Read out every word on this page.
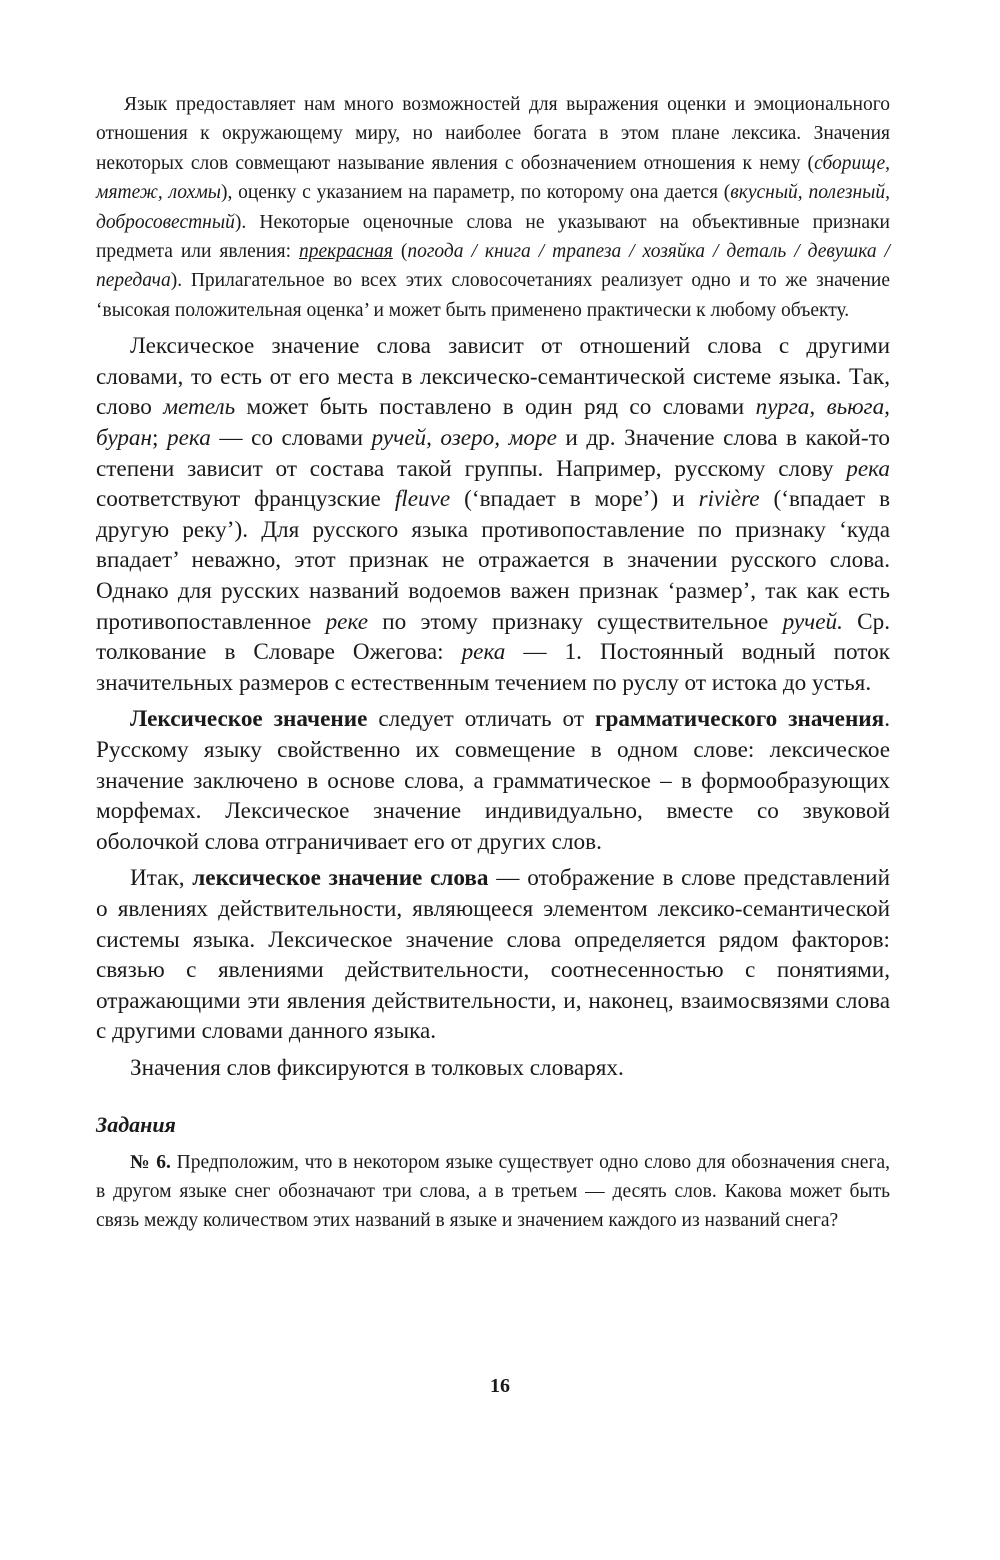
Язык предоставляет нам много возможностей для выражения оценки и эмоционального отношения к окружающему миру, но наиболее богата в этом плане лексика. Значения некоторых слов совмещают называние явления с обозначением отношения к нему (сборище, мятеж, лохмы), оценку с указанием на параметр, по которому она дается (вкусный, полезный, добросовестный). Некоторые оценочные слова не указывают на объективные признаки предмета или явления: прекрасная (погода / книга / трапеза / хозяйка / деталь / девушка / передача). Прилагательное во всех этих словосочетаниях реализует одно и то же значение ‘высокая положительная оценка’ и может быть применено практически к любому объекту.

Лексическое значение слова зависит от отношений слова с другими словами, то есть от его места в лексическо-семантической системе языка. Так, слово метель может быть поставлено в один ряд со словами пурга, вьюга, буран; река — со словами ручей, озеро, море и др. Значение слова в какой-то степени зависит от состава такой группы. Например, русскому слову река соответствуют французские fleuve (‘впадает в море’) и rivière (‘впадает в другую реку’). Для русского языка противопоставление по признаку ‘куда впадает’ неважно, этот признак не отражается в значении русского слова. Однако для русских названий водоемов важен признак ‘размер’, так как есть противопоставленное реке по этому признаку существительное ручей. Ср. толкование в Словаре Ожегова: река — 1. Постоянный водный поток значительных размеров с естественным течением по руслу от истока до устья.

Лексическое значение следует отличать от грамматического значения. Русскому языку свойственно их совмещение в одном слове: лексическое значение заключено в основе слова, а грамматическое – в формообразующих морфемах. Лексическое значение индивидуально, вместе со звуковой оболочкой слова отграничивает его от других слов.

Итак, лексическое значение слова — отображение в слове представлений о явлениях действительности, являющееся элементом лексико-семантической системы языка. Лексическое значение слова определяется рядом факторов: связью с явлениями действительности, соотнесенностью с понятиями, отражающими эти явления действительности, и, наконец, взаимосвязями слова с другими словами данного языка.

Значения слов фиксируются в толковых словарях.

Задания

№ 6. Предположим, что в некотором языке существует одно слово для обозначения снега, в другом языке снег обозначают три слова, а в третьем — десять слов. Какова может быть связь между количеством этих названий в языке и значением каждого из названий снега?

16
